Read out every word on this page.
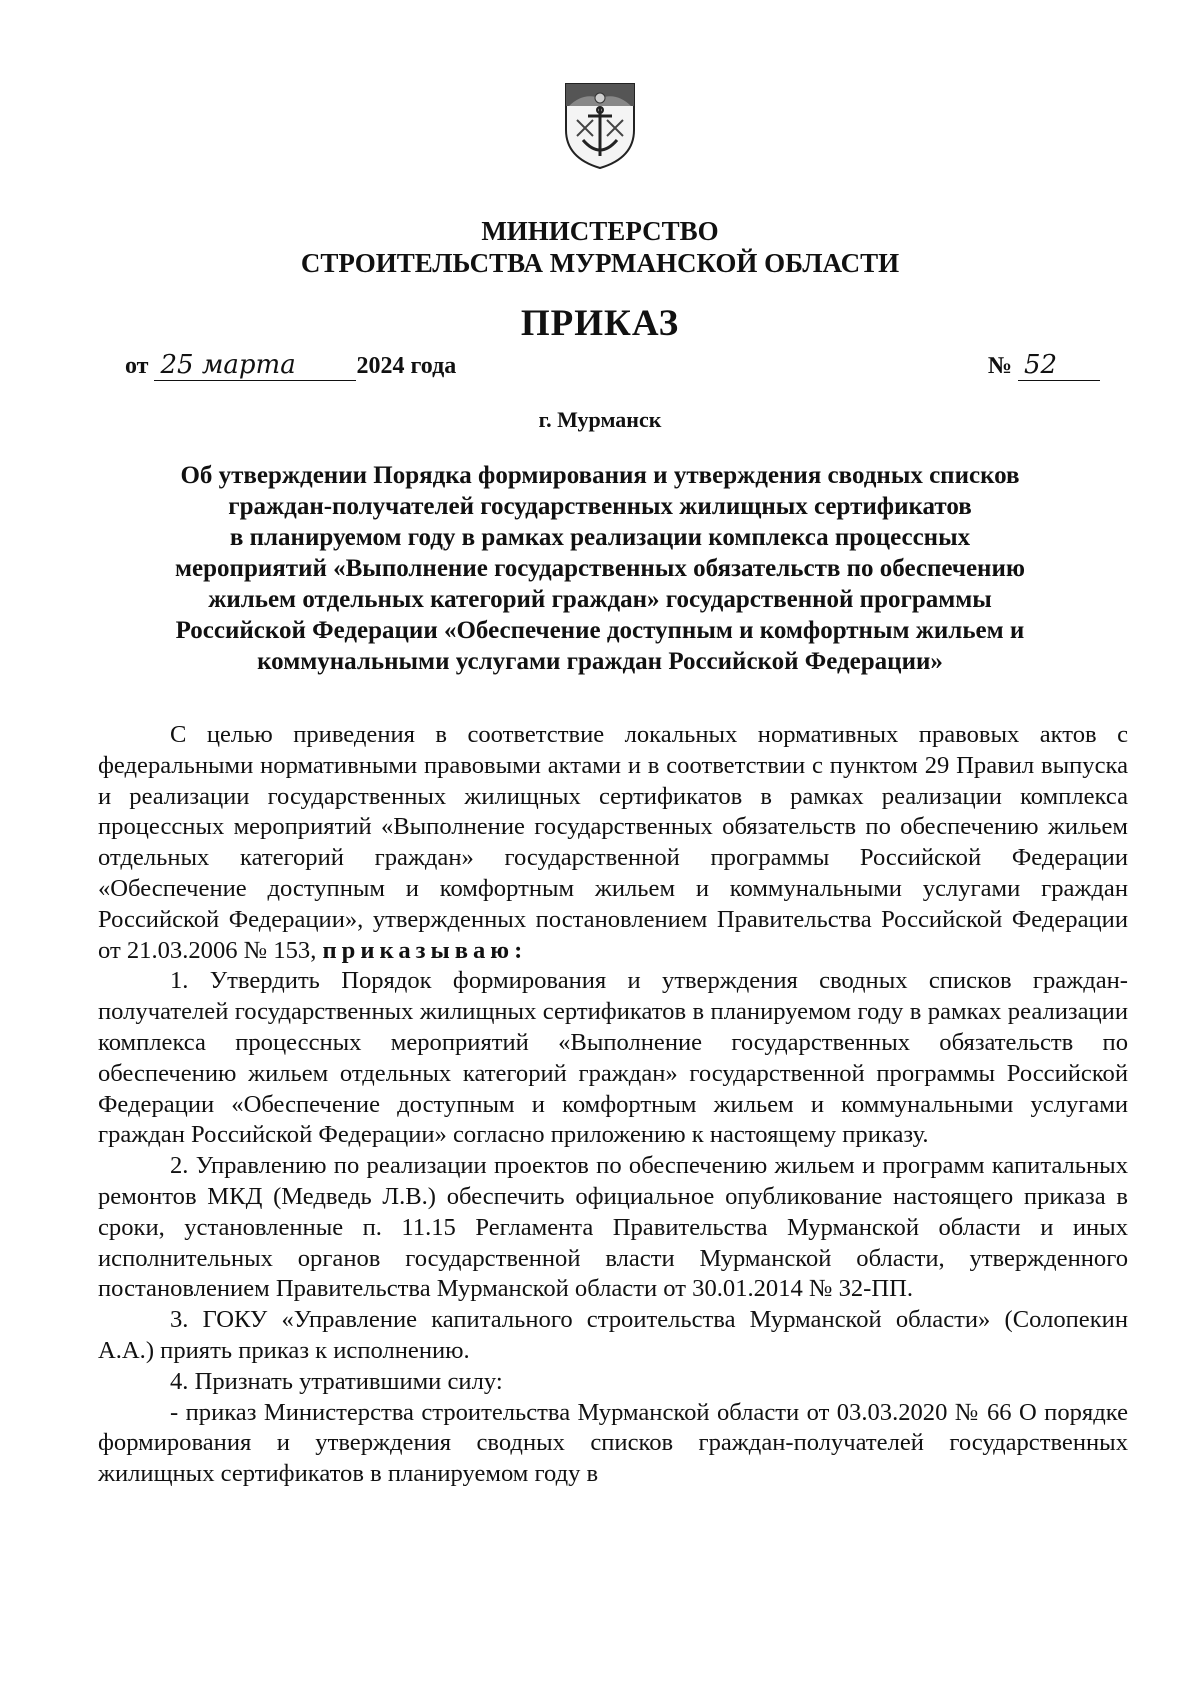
МИНИСТЕРСТВО
СТРОИТЕЛЬСТВА МУРМАНСКОЙ ОБЛАСТИ
ПРИКАЗ
от 25 марта	2024 года	№ 52
г. Мурманск
Об утверждении Порядка формирования и утверждения сводных списков
граждан-получателей государственных жилищных сертификатов
в планируемом году в рамках реализации комплекса процессных
мероприятий «Выполнение государственных обязательств по обеспечению
жильем отдельных категорий граждан» государственной программы
Российской Федерации «Обеспечение доступным и комфортным жильем и
коммунальными услугами граждан Российской Федерации»

С целью приведения в соответствие локальных нормативных правовых актов с федеральными нормативными правовыми актами и в соответствии с пунктом 29 Правил выпуска и реализации государственных жилищных сертификатов в рамках реализации комплекса процессных мероприятий «Выполнение государственных обязательств по обеспечению жильем отдельных категорий граждан» государственной программы Российской Федерации «Обеспечение доступным и комфортным жильем и коммунальными услугами граждан Российской Федерации», утвержденных постановлением Правительства Российской Федерации от 21.03.2006 № 153, приказываю:

1. Утвердить Порядок формирования и утверждения сводных списков граждан-получателей государственных жилищных сертификатов в планируемом году в рамках реализации комплекса процессных мероприятий «Выполнение государственных обязательств по обеспечению жильем отдельных категорий граждан» государственной программы Российской Федерации «Обеспечение доступным и комфортным жильем и коммунальными услугами граждан Российской Федерации» согласно приложению к настоящему приказу.

2. Управлению по реализации проектов по обеспечению жильем и программ капитальных ремонтов МКД (Медведь Л.В.) обеспечить официальное опубликование настоящего приказа в сроки, установленные п. 11.15 Регламента Правительства Мурманской области и иных исполнительных органов государственной власти Мурманской области, утвержденного постановлением Правительства Мурманской области от 30.01.2014 № 32-ПП.

3. ГОКУ «Управление капитального строительства Мурманской области» (Солопекин А.А.) приять приказ к исполнению.

4. Признать утратившими силу:

- приказ Министерства строительства Мурманской области от 03.03.2020 № 66 О порядке формирования и утверждения сводных списков граждан-получателей государственных жилищных сертификатов в планируемом году в
